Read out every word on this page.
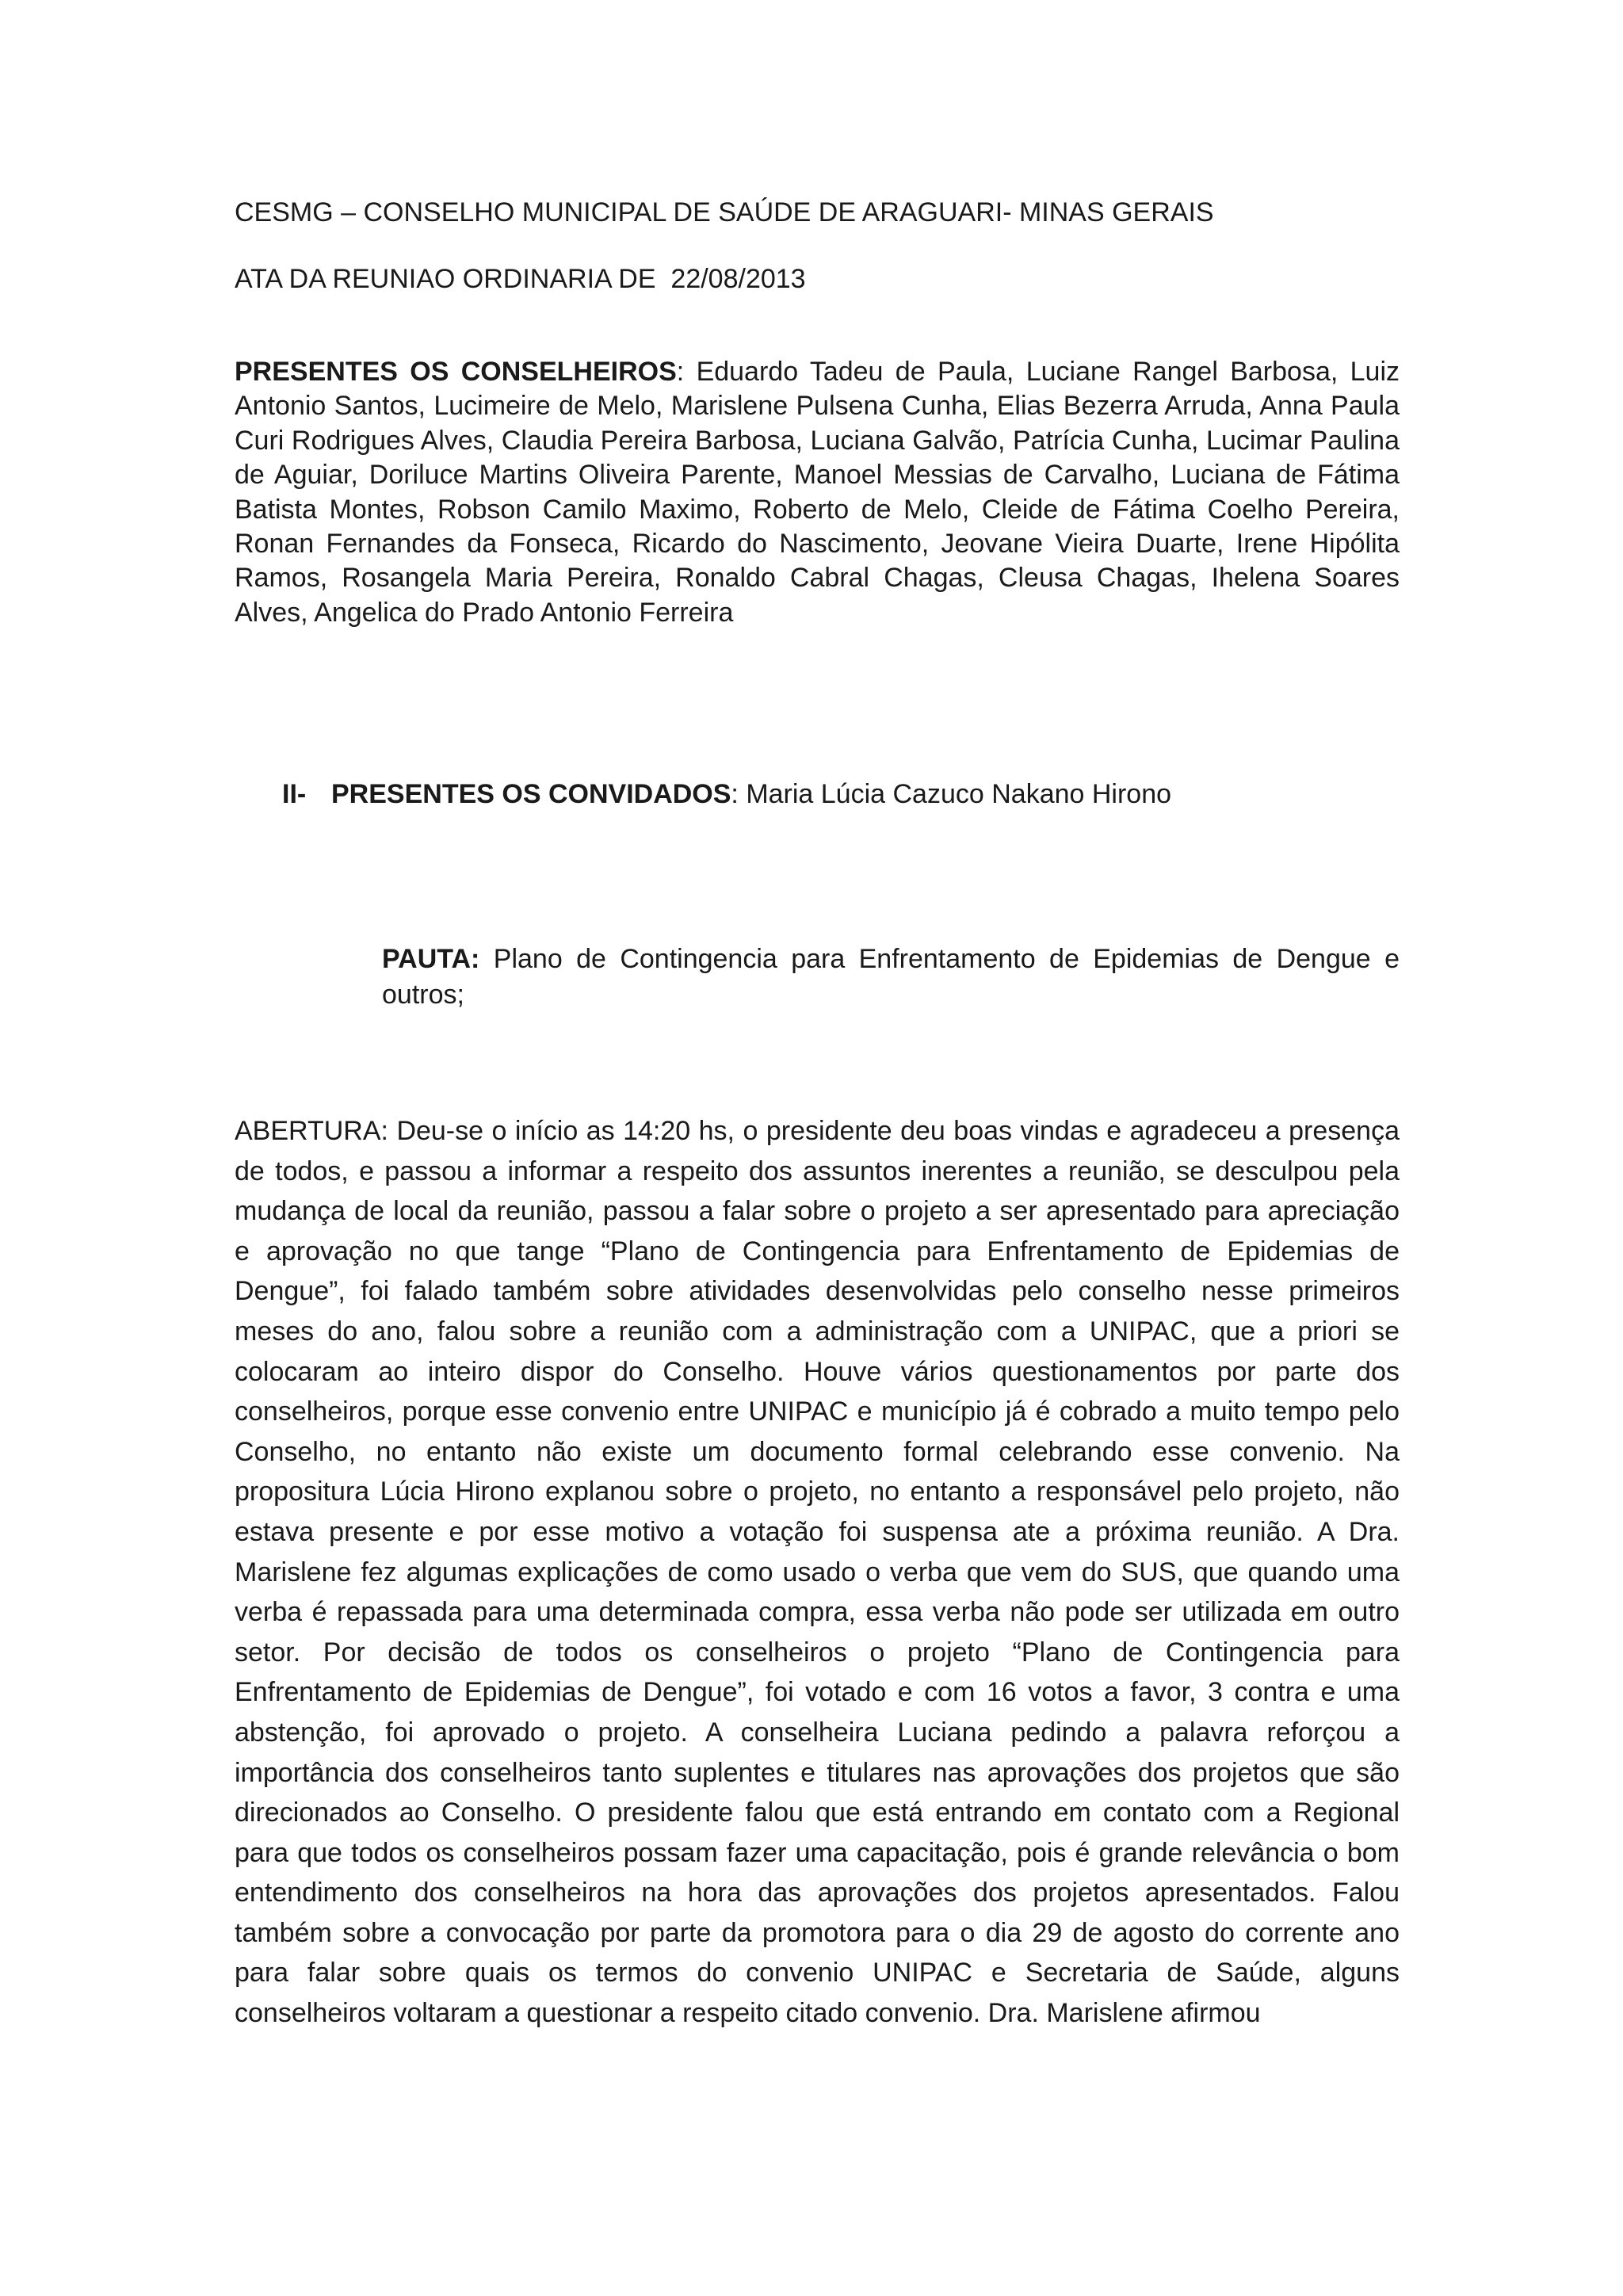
CESMG – CONSELHO MUNICIPAL DE SAÚDE DE ARAGUARI- MINAS GERAIS

ATA DA REUNIAO ORDINARIA DE  22/08/2013

PRESENTES OS CONSELHEIROS: Eduardo Tadeu de Paula, Luciane Rangel Barbosa, Luiz Antonio Santos, Lucimeire de Melo, Marislene Pulsena Cunha, Elias Bezerra Arruda, Anna Paula Curi Rodrigues Alves, Claudia Pereira Barbosa, Luciana Galvão, Patrícia Cunha, Lucimar Paulina de Aguiar, Doriluce Martins Oliveira Parente, Manoel Messias de Carvalho, Luciana de Fátima Batista Montes, Robson Camilo Maximo, Roberto de Melo, Cleide de Fátima Coelho Pereira, Ronan Fernandes da Fonseca, Ricardo do Nascimento, Jeovane Vieira Duarte, Irene Hipólita Ramos, Rosangela Maria Pereira, Ronaldo Cabral Chagas, Cleusa Chagas, Ihelena Soares Alves, Angelica do Prado Antonio Ferreira

II- PRESENTES OS CONVIDADOS: Maria Lúcia Cazuco Nakano Hirono

PAUTA: Plano de Contingencia para Enfrentamento de Epidemias de Dengue e outros;

ABERTURA: Deu-se o início as 14:20 hs, o presidente deu boas vindas e agradeceu a presença de todos, e passou a informar a respeito dos assuntos inerentes a reunião, se desculpou pela mudança de local da reunião, passou a falar sobre o projeto a ser apresentado para apreciação e aprovação no que tange “Plano de Contingencia para Enfrentamento de Epidemias de Dengue”, foi falado também sobre atividades desenvolvidas pelo conselho nesse primeiros meses do ano, falou sobre a reunião com a administração com a UNIPAC, que a priori se colocaram ao inteiro dispor do Conselho. Houve vários questionamentos por parte dos conselheiros, porque esse convenio entre UNIPAC e município já é cobrado a muito tempo pelo Conselho, no entanto não existe um documento formal celebrando esse convenio. Na propositura Lúcia Hirono explanou sobre o projeto, no entanto a responsável pelo projeto, não estava presente e por esse motivo a votação foi suspensa ate a próxima reunião. A Dra. Marislene fez algumas explicações de como usado o verba que vem do SUS, que quando uma verba é repassada para uma determinada compra, essa verba não pode ser utilizada em outro setor. Por decisão de todos os conselheiros o projeto “Plano de Contingencia para Enfrentamento de Epidemias de Dengue”, foi votado e com 16 votos a favor, 3 contra e uma abstenção, foi aprovado o projeto. A conselheira Luciana pedindo a palavra reforçou a importância dos conselheiros tanto suplentes e titulares nas aprovações dos projetos que são direcionados ao Conselho. O presidente falou que está entrando em contato com a Regional para que todos os conselheiros possam fazer uma capacitação, pois é grande relevância o bom entendimento dos conselheiros na hora das aprovações dos projetos apresentados. Falou também sobre a convocação por parte da promotora para o dia 29 de agosto do corrente ano para falar sobre quais os termos do convenio UNIPAC e Secretaria de Saúde, alguns conselheiros voltaram a questionar a respeito citado convenio. Dra. Marislene afirmou
